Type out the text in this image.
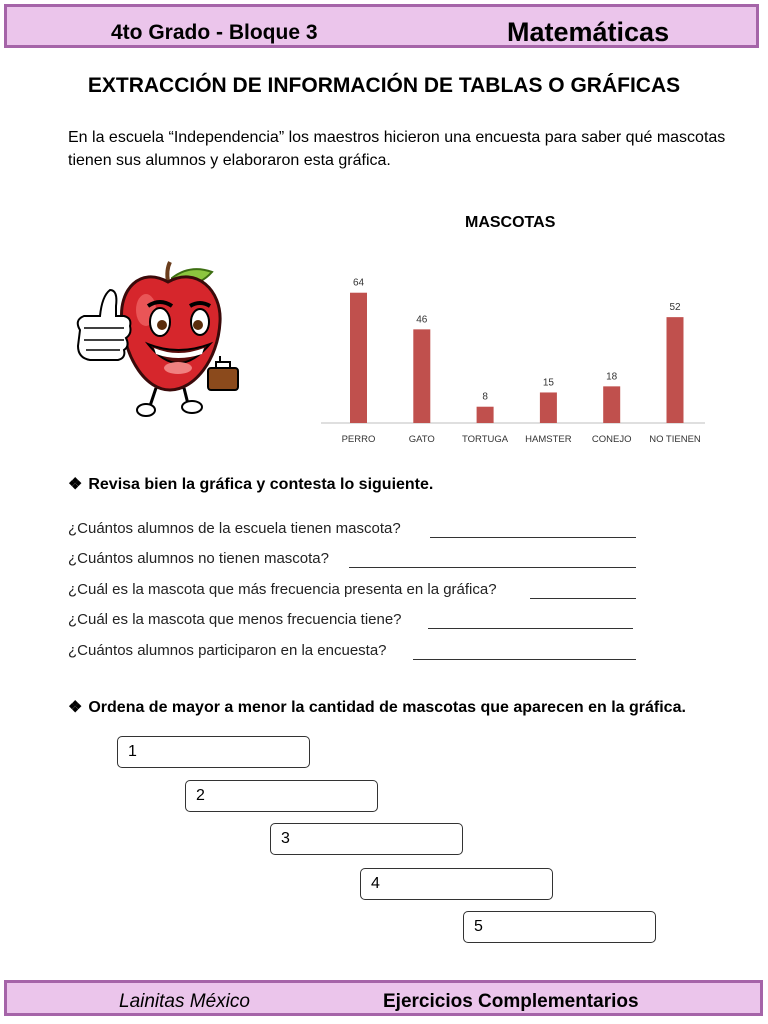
4to Grado - Bloque 3	Matemáticas
EXTRACCIÓN DE INFORMACIÓN DE TABLAS O GRÁFICAS
En la escuela “Independencia” los maestros hicieron una encuesta para saber qué mascotas tienen sus alumnos y elaboraron esta gráfica.
MASCOTAS
64
PERRO
46
GATO
8
TORTUGA
15
HAMSTER
18
CONEJO
52
NO TIENEN
❖ Revisa bien la gráfica y contesta lo siguiente.
¿Cuántos alumnos de la escuela tienen mascota?
¿Cuántos alumnos no tienen mascota?
¿Cuál es la mascota que más frecuencia presenta en la gráfica?
¿Cuál es la mascota que menos frecuencia tiene?
¿Cuántos alumnos participaron en la encuesta?
❖ Ordena de mayor a menor la cantidad de mascotas que aparecen en la gráfica.
1
2
3
4
5
Lainitas México	Ejercicios Complementarios
